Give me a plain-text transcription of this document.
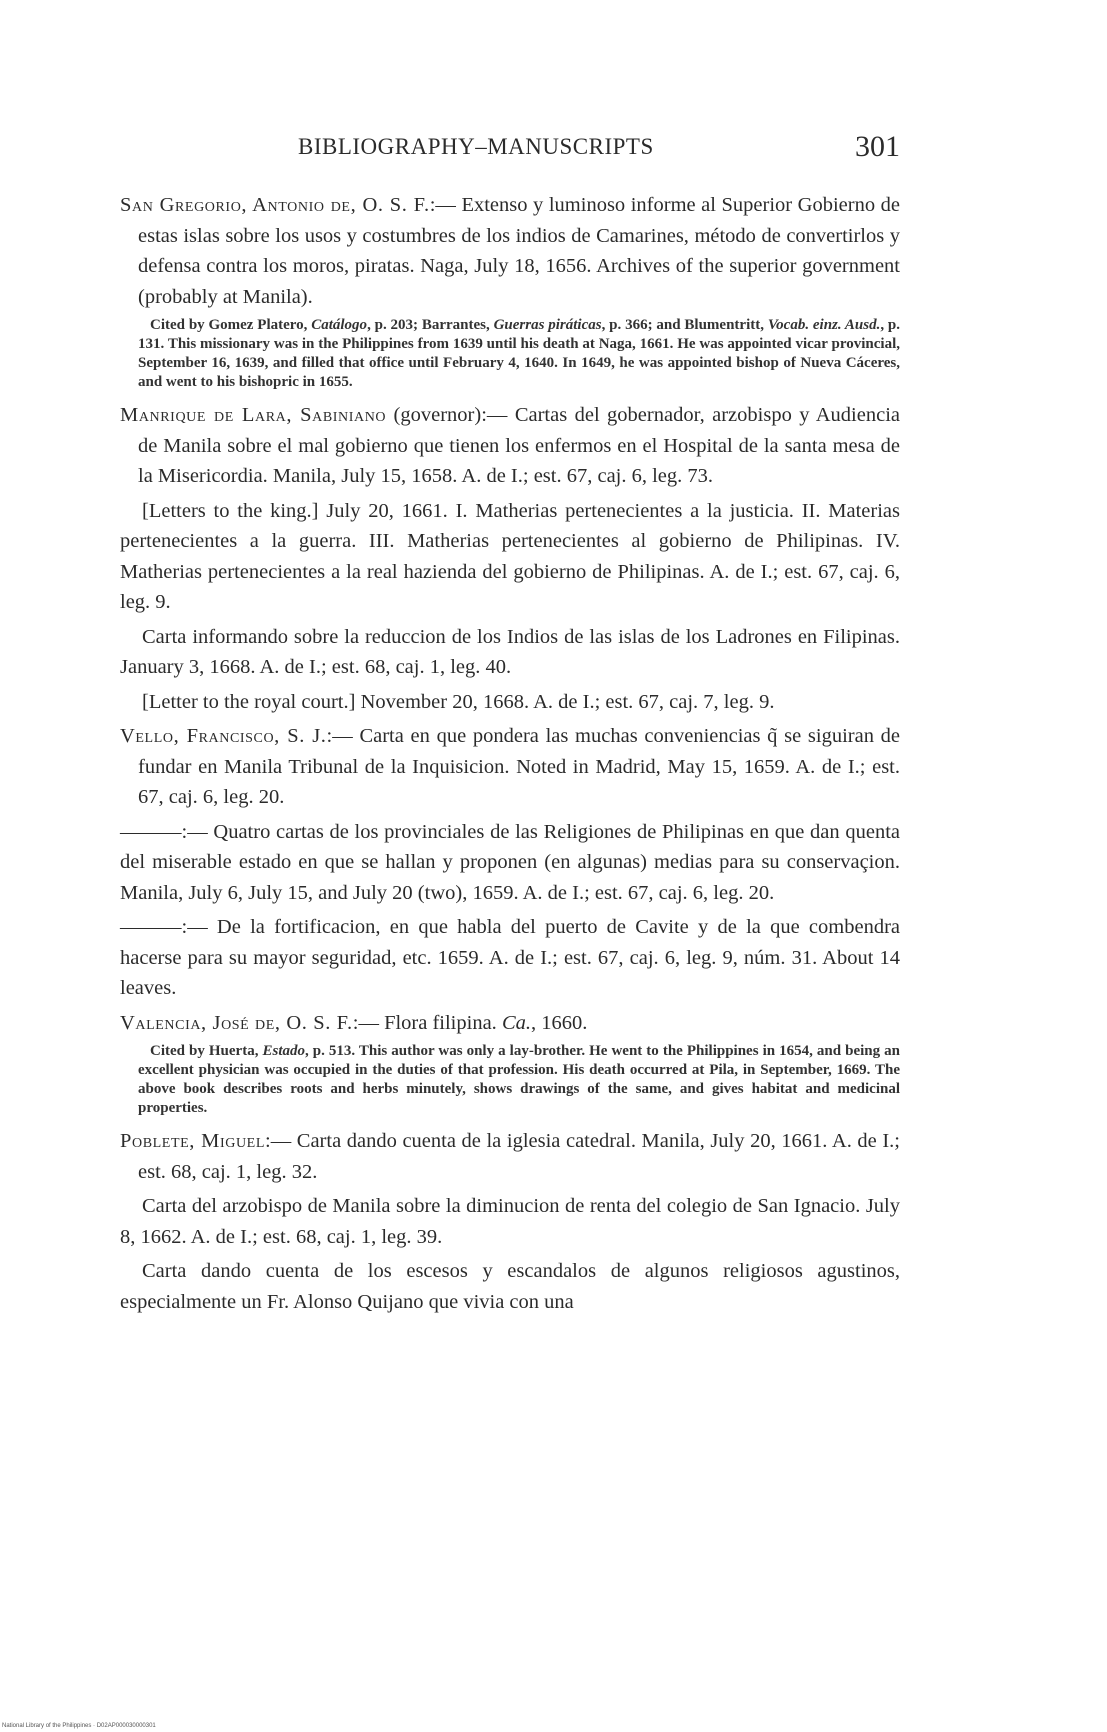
BIBLIOGRAPHY–MANUSCRIPTS	301

San Gregorio, Antonio de, O. S. F.:— Extenso y luminoso informe al Superior Gobierno de estas islas sobre los usos y costumbres de los indios de Camarines, método de convertirlos y defensa contra los moros, piratas. Naga, July 18, 1656. Archives of the superior government (probably at Manila).

Cited by Gomez Platero, Catálogo, p. 203; Barrantes, Guerras piráticas, p. 366; and Blumentritt, Vocab. einz. Ausd., p. 131. This missionary was in the Philippines from 1639 until his death at Naga, 1661. He was appointed vicar provincial, September 16, 1639, and filled that office until February 4, 1640. In 1649, he was appointed bishop of Nueva Cáceres, and went to his bishopric in 1655.

Manrique de Lara, Sabiniano (governor):— Cartas del gobernador, arzobispo y Audiencia de Manila sobre el mal gobierno que tienen los enfermos en el Hospital de la santa mesa de la Misericordia. Manila, July 15, 1658. A. de I.; est. 67, caj. 6, leg. 73.

[Letters to the king.] July 20, 1661. I. Matherias pertenecientes a la justicia. II. Materias pertenecientes a la guerra. III. Matherias pertenecientes al gobierno de Philipinas. IV. Matherias pertenecientes a la real hazienda del gobierno de Philipinas. A. de I.; est. 67, caj. 6, leg. 9.

Carta informando sobre la reduccion de los Indios de las islas de los Ladrones en Filipinas. January 3, 1668. A. de I.; est. 68, caj. 1, leg. 40.

[Letter to the royal court.] November 20, 1668. A. de I.; est. 67, caj. 7, leg. 9.

Vello, Francisco, S. J.:— Carta en que pondera las muchas conveniencias q̃ se siguiran de fundar en Manila Tribunal de la Inquisicion. Noted in Madrid, May 15, 1659. A. de I.; est. 67, caj. 6, leg. 20.

———:— Quatro cartas de los provinciales de las Religiones de Philipinas en que dan quenta del miserable estado en que se hallan y proponen (en algunas) medias para su conservaçion. Manila, July 6, July 15, and July 20 (two), 1659. A. de I.; est. 67, caj. 6, leg. 20.

———:— De la fortificacion, en que habla del puerto de Cavite y de la que combendra hacerse para su mayor seguridad, etc. 1659. A. de I.; est. 67, caj. 6, leg. 9, núm. 31. About 14 leaves.

Valencia, José de, O. S. F.:— Flora filipina. Ca., 1660.

Cited by Huerta, Estado, p. 513. This author was only a lay-brother. He went to the Philippines in 1654, and being an excellent physician was occupied in the duties of that profession. His death occurred at Pila, in September, 1669. The above book describes roots and herbs minutely, shows drawings of the same, and gives habitat and medicinal properties.

Poblete, Miguel:— Carta dando cuenta de la iglesia catedral. Manila, July 20, 1661. A. de I.; est. 68, caj. 1, leg. 32.

Carta del arzobispo de Manila sobre la diminucion de renta del colegio de San Ignacio. July 8, 1662. A. de I.; est. 68, caj. 1, leg. 39.

Carta dando cuenta de los escesos y escandalos de algunos religiosos agustinos, especialmente un Fr. Alonso Quijano que vivia con una

National Library of the Philippines · D02AP000030000301
